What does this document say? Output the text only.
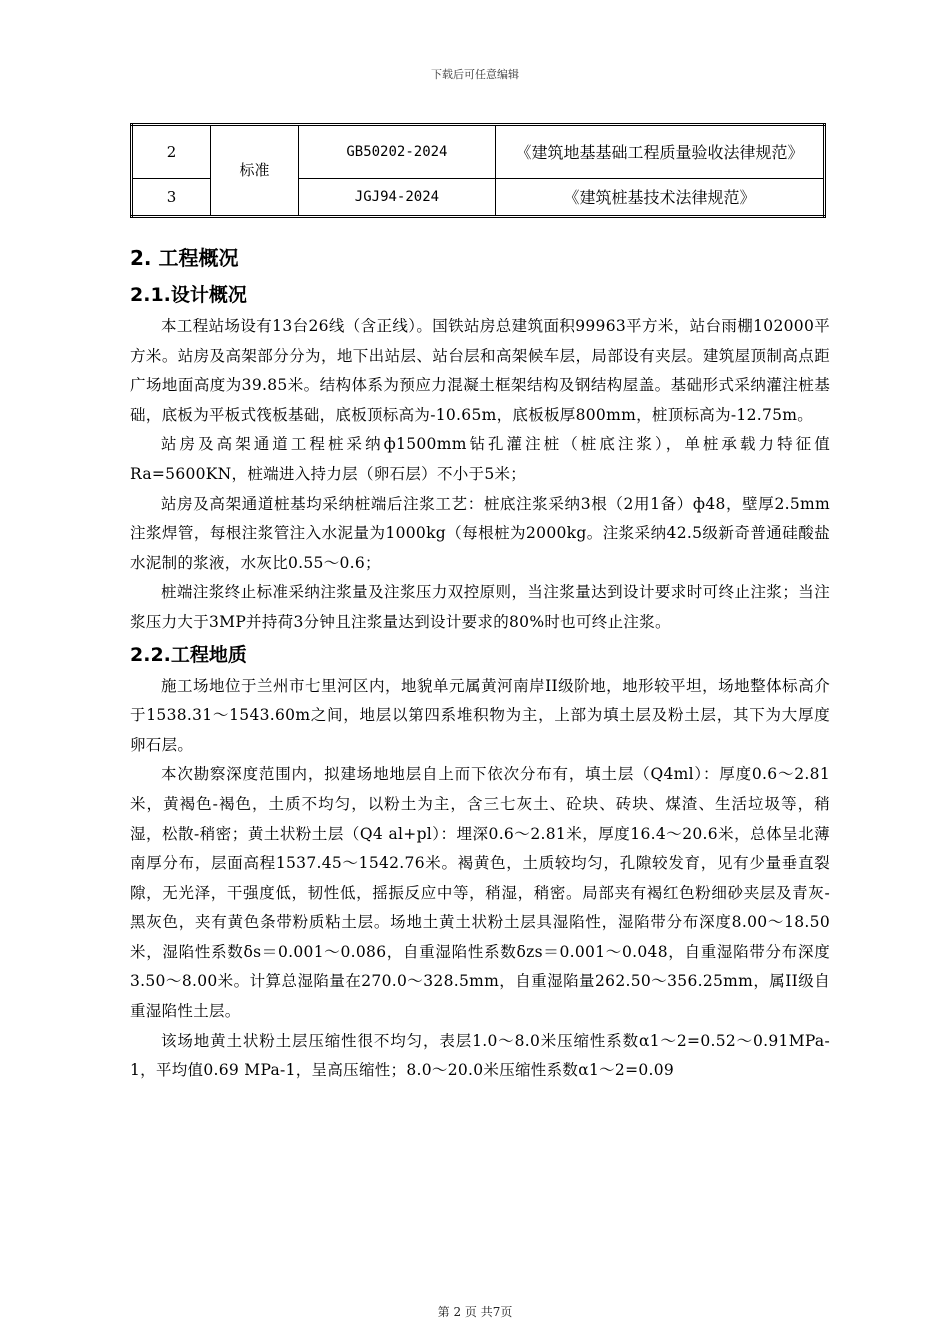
下载后可任意编辑
2	标准	GB50202-2024	《建筑地基基础工程质量验收法律规范》
3		JGJ94-2024	《建筑桩基技术法律规范》
2. 工程概况
2.1.设计概况

本工程站场设有13台26线（含正线）。国铁站房总建筑面积99963平方米，站台雨棚102000平方米。站房及高架部分分为，地下出站层、站台层和高架候车层，局部设有夹层。建筑屋顶制高点距广场地面高度为39.85米。结构体系为预应力混凝土框架结构及钢结构屋盖。基础形式采纳灌注桩基础，底板为平板式筏板基础，底板顶标高为-10.65m，底板板厚800mm，桩顶标高为-12.75m。

站房及高架通道工程桩采纳ф1500mm钻孔灌注桩（桩底注浆），单桩承载力特征值Ra=5600KN，桩端进入持力层（卵石层）不小于5米；

站房及高架通道桩基均采纳桩端后注浆工艺：桩底注浆采纳3根（2用1备）ф48，壁厚2.5mm注浆焊管，每根注浆管注入水泥量为1000kg（每根桩为2000kg。注浆采纳42.5级新奇普通硅酸盐水泥制的浆液，水灰比0.55～0.6；

桩端注浆终止标准采纳注浆量及注浆压力双控原则，当注浆量达到设计要求时可终止注浆；当注浆压力大于3MP并持荷3分钟且注浆量达到设计要求的80%时也可终止注浆。

2.2.工程地质

施工场地位于兰州市七里河区内，地貌单元属黄河南岸II级阶地，地形较平坦，场地整体标高介于1538.31～1543.60m之间，地层以第四系堆积物为主，上部为填土层及粉土层，其下为大厚度卵石层。

本次勘察深度范围内，拟建场地地层自上而下依次分布有，填土层（Q4ml）：厚度0.6～2.81米，黄褐色-褐色，土质不均匀，以粉土为主，含三七灰土、砼块、砖块、煤渣、生活垃圾等，稍湿，松散-稍密；黄土状粉土层（Q4 al+pl）：埋深0.6～2.81米，厚度16.4～20.6米，总体呈北薄南厚分布，层面高程1537.45～1542.76米。褐黄色，土质较均匀，孔隙较发育，见有少量垂直裂隙，无光泽，干强度低，韧性低，摇振反应中等，稍湿，稍密。局部夹有褐红色粉细砂夹层及青灰-黑灰色，夹有黄色条带粉质粘土层。场地土黄土状粉土层具湿陷性，湿陷带分布深度8.00～18.50米，湿陷性系数δs＝0.001～0.086，自重湿陷性系数δzs＝0.001～0.048，自重湿陷带分布深度3.50～8.00米。计算总湿陷量在270.0～328.5mm，自重湿陷量262.50～356.25mm，属II级自重湿陷性土层。

该场地黄土状粉土层压缩性很不均匀，表层1.0～8.0米压缩性系数α1～2=0.52～0.91MPa-1，平均值0.69 MPa-1，呈高压缩性；8.0～20.0米压缩性系数α1～2=0.09

第 2 页 共7页
